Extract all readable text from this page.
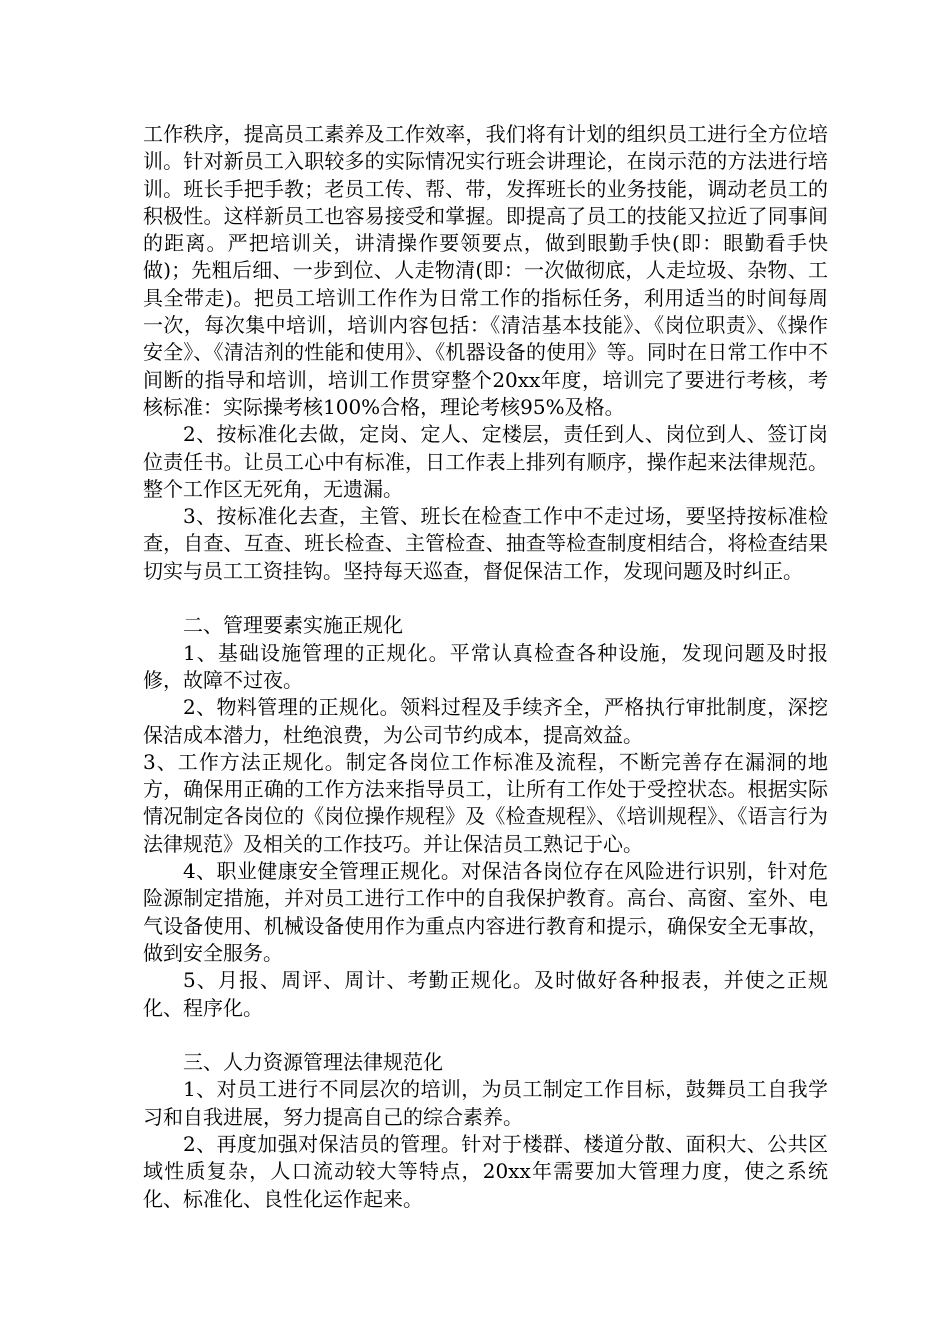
工作秩序，提高员工素养及工作效率，我们将有计划的组织员工进行全方位培训。针对新员工入职较多的实际情况实行班会讲理论，在岗示范的方法进行培训。班长手把手教；老员工传、帮、带，发挥班长的业务技能，调动老员工的积极性。这样新员工也容易接受和掌握。即提高了员工的技能又拉近了同事间的距离。严把培训关，讲清操作要领要点，做到眼勤手快(即：眼勤看手快做)；先粗后细、一步到位、人走物清(即：一次做彻底，人走垃圾、杂物、工具全带走)。把员工培训工作作为日常工作的指标任务，利用适当的时间每周一次，每次集中培训，培训内容包括：《清洁基本技能》、《岗位职责》、《操作安全》、《清洁剂的性能和使用》、《机器设备的使用》等。同时在日常工作中不间断的指导和培训，培训工作贯穿整个20xx年度，培训完了要进行考核，考核标准：实际操考核100%合格，理论考核95%及格。

2、按标准化去做，定岗、定人、定楼层，责任到人、岗位到人、签订岗位责任书。让员工心中有标准，日工作表上排列有顺序，操作起来法律规范。整个工作区无死角，无遗漏。

3、按标准化去查，主管、班长在检查工作中不走过场，要坚持按标准检查，自查、互查、班长检查、主管检查、抽查等检查制度相结合，将检查结果切实与员工工资挂钩。坚持每天巡查，督促保洁工作，发现问题及时纠正。

二、管理要素实施正规化

1、基础设施管理的正规化。平常认真检查各种设施，发现问题及时报修，故障不过夜。

2、物料管理的正规化。领料过程及手续齐全，严格执行审批制度，深挖保洁成本潜力，杜绝浪费，为公司节约成本，提高效益。

3、工作方法正规化。制定各岗位工作标准及流程，不断完善存在漏洞的地方，确保用正确的工作方法来指导员工，让所有工作处于受控状态。根据实际情况制定各岗位的《岗位操作规程》及《检查规程》、《培训规程》、《语言行为法律规范》及相关的工作技巧。并让保洁员工熟记于心。

4、职业健康安全管理正规化。对保洁各岗位存在风险进行识别，针对危险源制定措施，并对员工进行工作中的自我保护教育。高台、高窗、室外、电气设备使用、机械设备使用作为重点内容进行教育和提示，确保安全无事故，做到安全服务。

5、月报、周评、周计、考勤正规化。及时做好各种报表，并使之正规化、程序化。

三、人力资源管理法律规范化

1、对员工进行不同层次的培训，为员工制定工作目标，鼓舞员工自我学习和自我进展，努力提高自己的综合素养。

2、再度加强对保洁员的管理。针对于楼群、楼道分散、面积大、公共区域性质复杂，人口流动较大等特点，20xx年需要加大管理力度，使之系统化、标准化、良性化运作起来。
